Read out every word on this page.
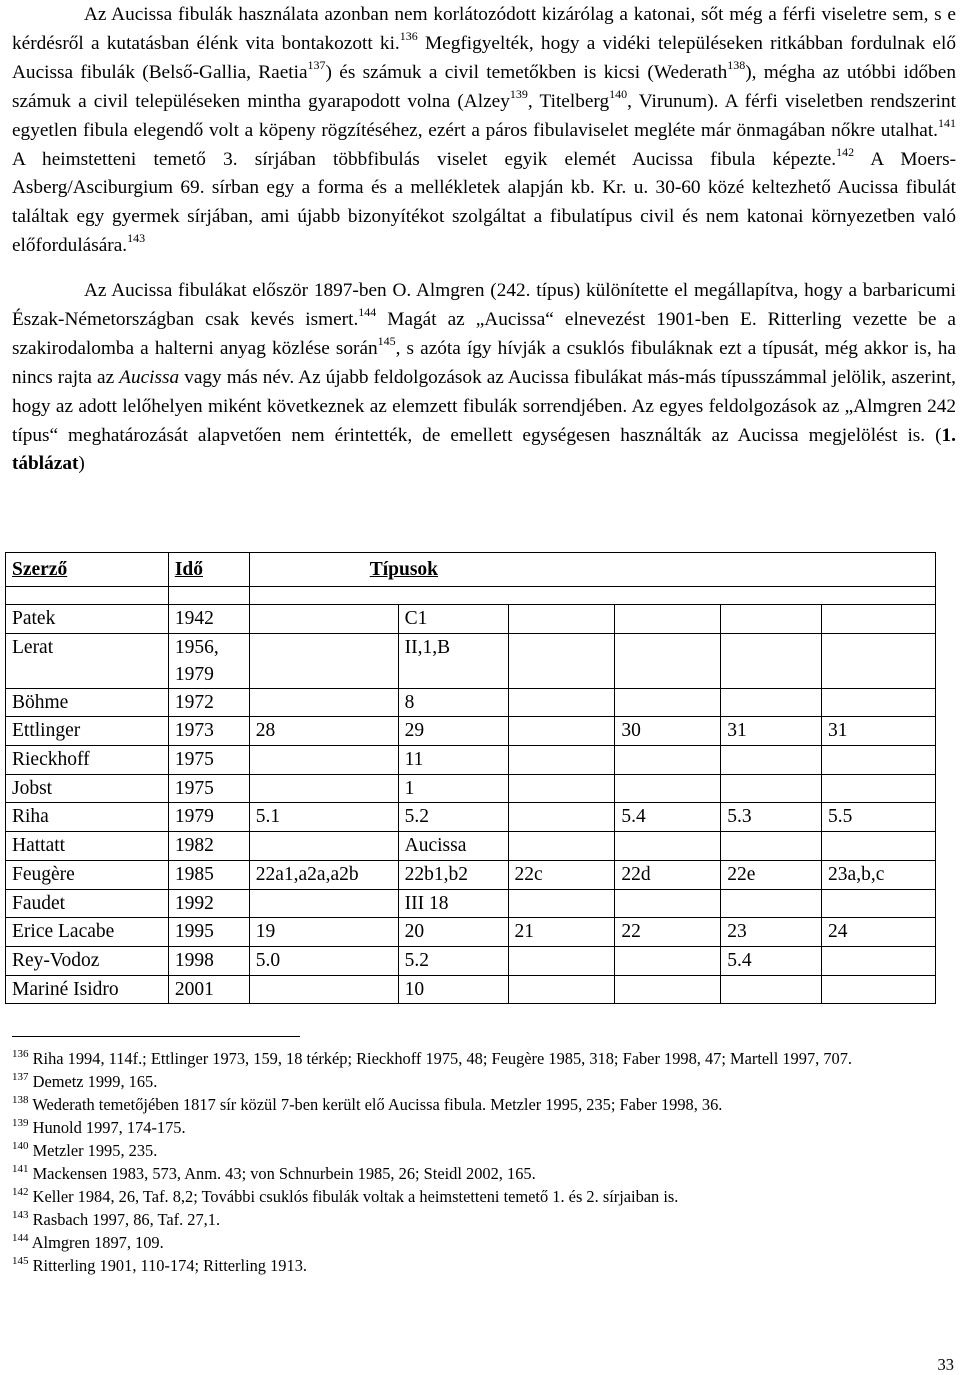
Az Aucissa fibulák használata azonban nem korlátozódott kizárólag a katonai, sőt még a férfi viseletre sem, s e kérdésről a kutatásban élénk vita bontakozott ki.$^{136}$ Megfigyelték, hogy a vidéki településeken ritkábban fordulnak elő Aucissa fibulák (Belső-Gallia, Raetia$^{137}$) és számuk a civil temetőkben is kicsi (Wederath$^{138}$), mégha az utóbbi időben számuk a civil településeken mintha gyarapodott volna (Alzey$^{139}$, Titelberg$^{140}$, Virunum). A férfi viseletben rendszerint egyetlen fibula elegendő volt a köpeny rögzítéséhez, ezért a páros fibulaviselet megléte már önmagában nőkre utalhat.$^{141}$ A heimstetteni temető 3. sírjában többfibulás viselet egyik elemét Aucissa fibula képezte.$^{142}$ A Moers-Asberg/Asciburgium 69. sírban egy a forma és a mellékletek alapján kb. Kr. u. 30-60 közé keltezhető Aucissa fibulát találtak egy gyermek sírjában, ami újabb bizonyítékot szolgáltat a fibulatípus civil és nem katonai környezetben való előfordulására.$^{143}$

Az Aucissa fibulákat először 1897-ben O. Almgren (242. típus) különítette el megállapítva, hogy a barbaricumi Észak-Németországban csak kevés ismert.$^{144}$ Magát az „Aucissa“ elnevezést 1901-ben E. Ritterling vezette be a szakirodalomba a halterni anyag közlése során$^{145}$, s azóta így hívják a csuklós fibuláknak ezt a típusát, még akkor is, ha nincs rajta az Aucissa vagy más név. Az újabb feldolgozások az Aucissa fibulákat más-más típusszámmal jelölik, aszerint, hogy az adott lelőhelyen miként következnek az elemzett fibulák sorrendjében. Az egyes feldolgozások az „Almgren 242 típus“ meghatározását alapvetően nem érintették, de emellett egységesen használták az Aucissa megjelölést is. (1. táblázat)

Szerző	Idő	Típusok					

Patek	1942		C1				
Lerat	1956, 1979		II,1,B				
Böhme	1972		8				
Ettlinger	1973	28	29		30	31	31
Rieckhoff	1975		11				
Jobst	1975		1				
Riha	1979	5.1	5.2		5.4	5.3	5.5
Hattatt	1982		Aucissa				
Feugère	1985	22a1,a2a,a2b	22b1,b2	22c	22d	22e	23a,b,c
Faudet	1992		III 18				
Erice Lacabe	1995	19	20	21	22	23	24
Rey-Vodoz	1998	5.0	5.2			5.4	
Mariné Isidro	2001		10				

$^{136}$ Riha 1994, 114f.; Ettlinger 1973, 159, 18 térkép; Rieckhoff 1975, 48; Feugère 1985, 318; Faber 1998, 47; Martell 1997, 707.

$^{137}$ Demetz 1999, 165.

$^{138}$ Wederath temetőjében 1817 sír közül 7-ben került elő Aucissa fibula. Metzler 1995, 235; Faber 1998, 36.

$^{139}$ Hunold 1997, 174-175.

$^{140}$ Metzler 1995, 235.

$^{141}$ Mackensen 1983, 573, Anm. 43; von Schnurbein 1985, 26; Steidl 2002, 165.

$^{142}$ Keller 1984, 26, Taf. 8,2; További csuklós fibulák voltak a heimstetteni temető 1. és 2. sírjaiban is.

$^{143}$ Rasbach 1997, 86, Taf. 27,1.

$^{144}$ Almgren 1897, 109.

$^{145}$ Ritterling 1901, 110-174; Ritterling 1913.

33
